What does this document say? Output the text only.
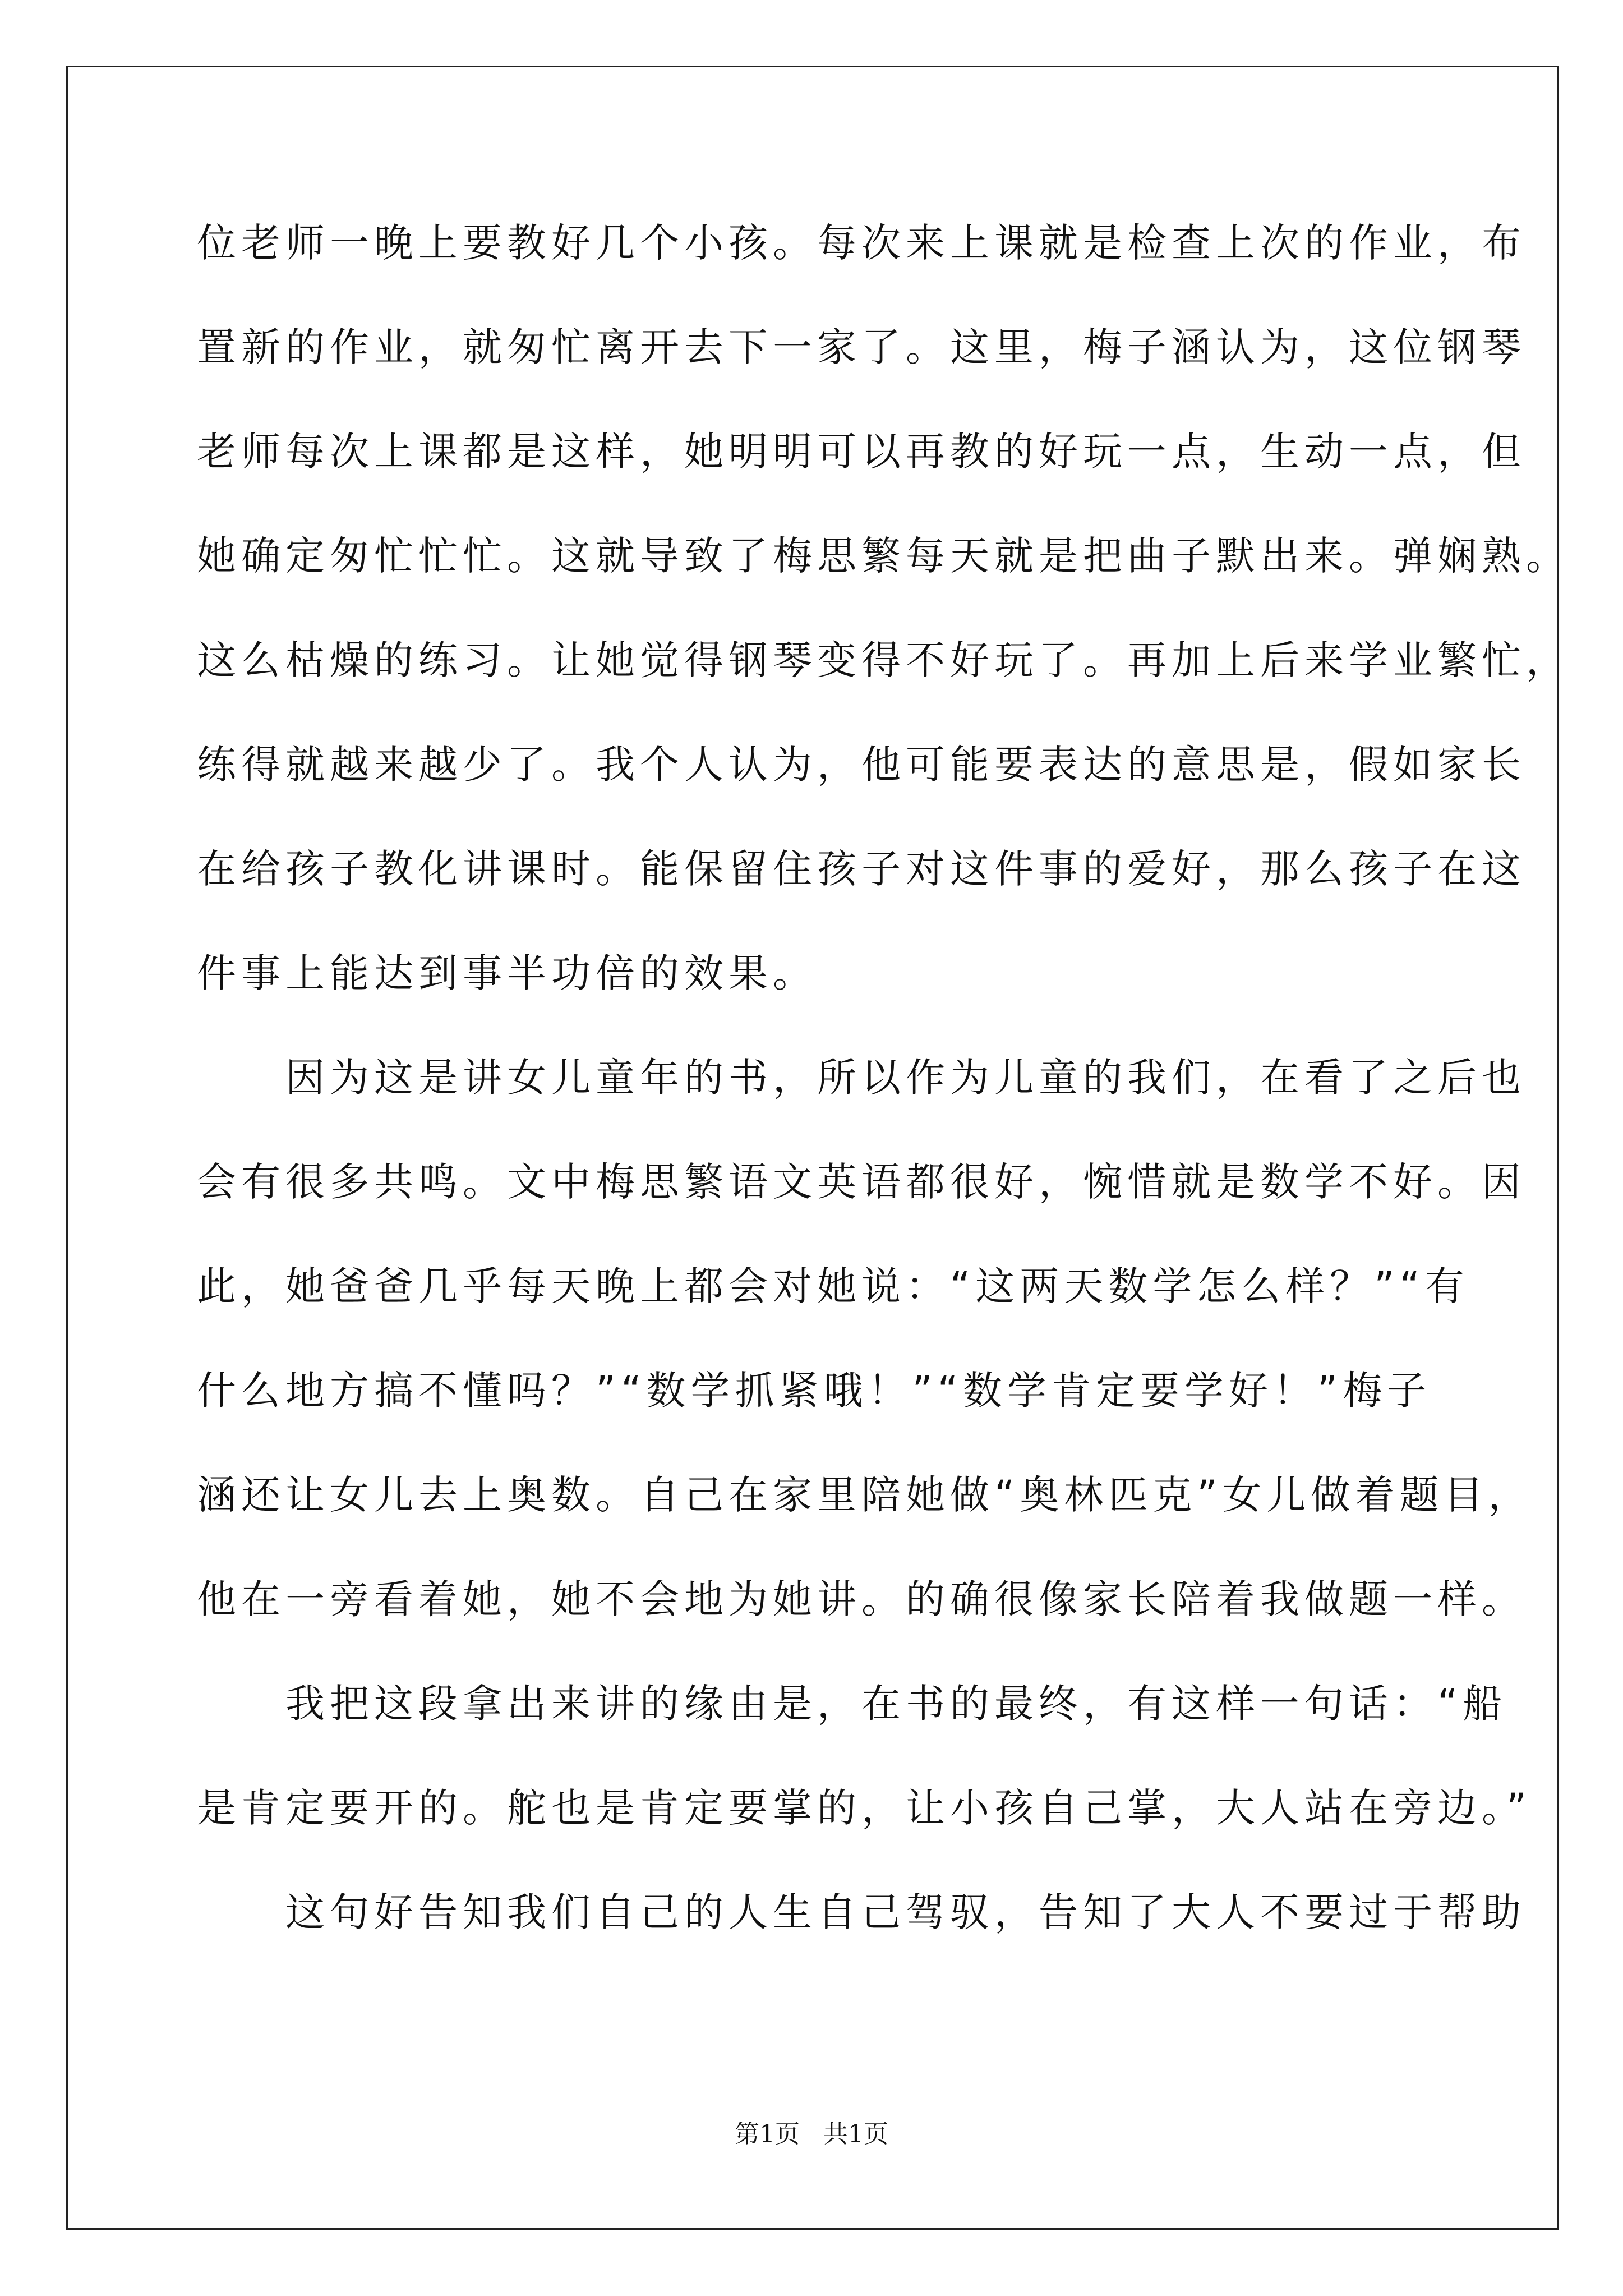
位老师一晚上要教好几个小孩。每次来上课就是检查上次的作业，布
置新的作业，就匆忙离开去下一家了。这里，梅子涵认为，这位钢琴
老师每次上课都是这样，她明明可以再教的好玩一点，生动一点，但
她确定匆忙忙忙。这就导致了梅思繁每天就是把曲子默出来。弹娴熟。
这么枯燥的练习。让她觉得钢琴变得不好玩了。再加上后来学业繁忙，
练得就越来越少了。我个人认为，他可能要表达的意思是，假如家长
在给孩子教化讲课时。能保留住孩子对这件事的爱好，那么孩子在这
件事上能达到事半功倍的效果。
　　因为这是讲女儿童年的书，所以作为儿童的我们，在看了之后也
会有很多共鸣。文中梅思繁语文英语都很好，惋惜就是数学不好。因
此，她爸爸几乎每天晚上都会对她说：“这两天数学怎么样？”“有
什么地方搞不懂吗？”“数学抓紧哦！”“数学肯定要学好！”梅子
涵还让女儿去上奥数。自己在家里陪她做“奥林匹克”女儿做着题目，
他在一旁看着她，她不会地为她讲。的确很像家长陪着我做题一样。
　　我把这段拿出来讲的缘由是，在书的最终，有这样一句话：“船
是肯定要开的。舵也是肯定要掌的，让小孩自己掌，大人站在旁边。”
　　这句好告知我们自己的人生自己驾驭，告知了大人不要过于帮助
第1页   共1页
